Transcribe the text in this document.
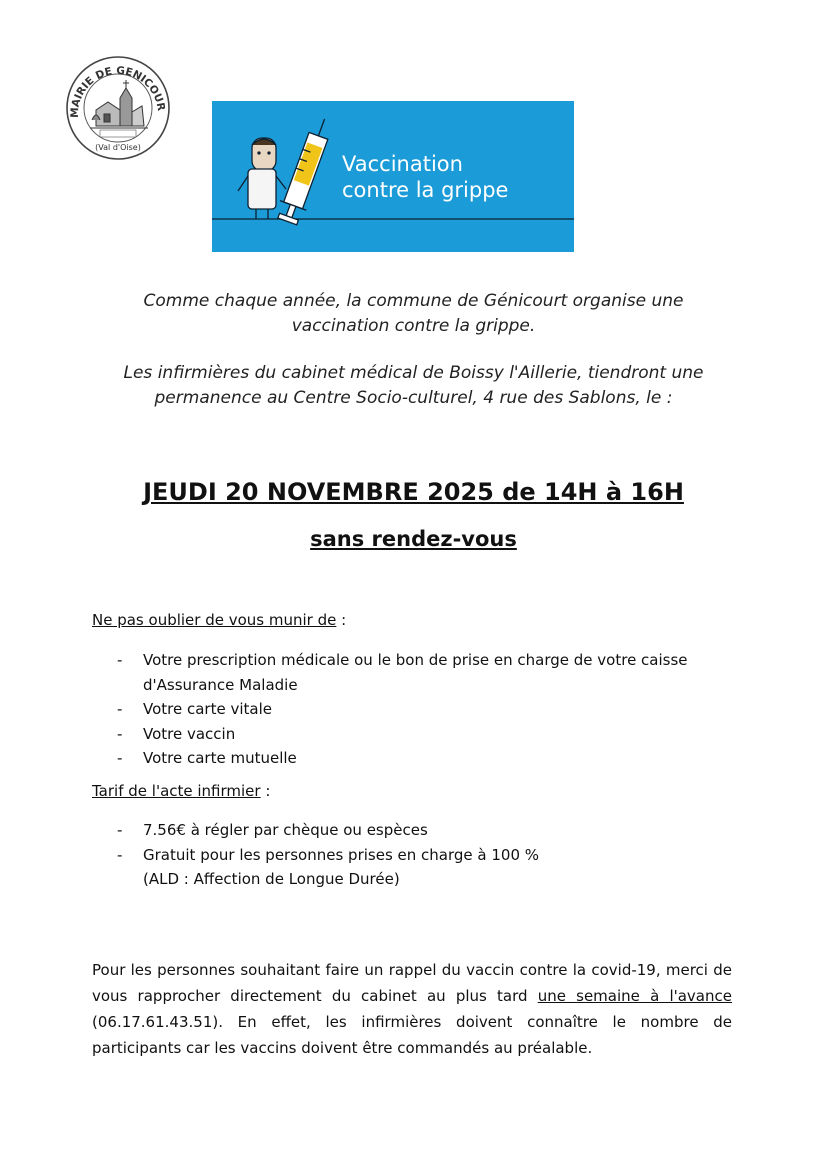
MAIRIE DE GENICOUR
(Val d'Oise)
Vaccination
contre la grippe
Comme chaque année, la commune de Génicourt organise une
vaccination contre la grippe.
Les infirmières du cabinet médical de Boissy l'Aillerie, tiendront une
permanence au Centre Socio-culturel, 4 rue des Sablons, le :
JEUDI 20 NOVEMBRE 2025 de 14H à 16H
sans rendez-vous
Ne pas oublier de vous munir de :
- Votre prescription médicale ou le bon de prise en charge de votre caisse d'Assurance Maladie
- Votre carte vitale
- Votre vaccin
- Votre carte mutuelle
Tarif de l'acte infirmier :
- 7.56€ à régler par chèque ou espèces
- Gratuit pour les personnes prises en charge à 100 %
(ALD : Affection de Longue Durée)
Pour les personnes souhaitant faire un rappel du vaccin contre la covid-19, merci de vous rapprocher directement du cabinet au plus tard une semaine à l'avance (06.17.61.43.51). En effet, les infirmières doivent connaître le nombre de participants car les vaccins doivent être commandés au préalable.
